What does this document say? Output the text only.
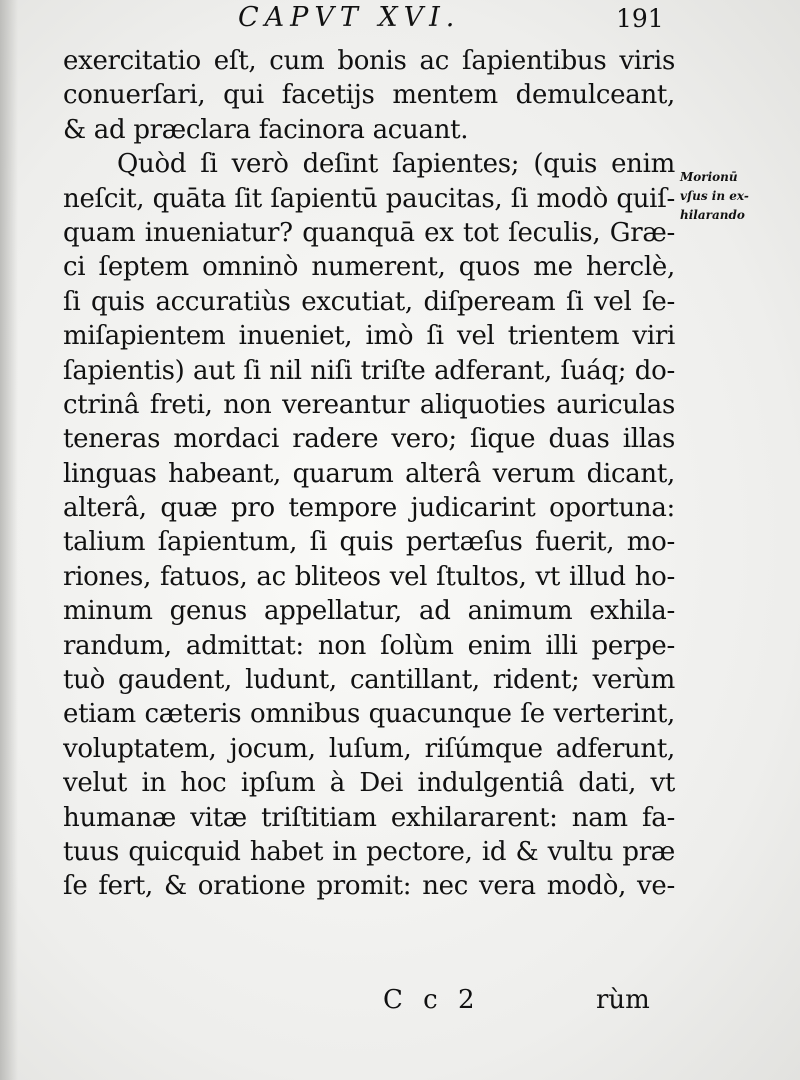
CAPVT XVI.	191
exercitatio eſt, cum bonis ac ſapientibus viris
conuerſari, qui facetijs mentem demulceant,
& ad præclara facinora acuant.
Quòd ſi verò deſint ſapientes; (quis enim
neſcit, quāta ſit ſapientū paucitas, ſi modò quiſ-
quam inueniatur? quanquā ex tot ſeculis, Græ-
ci ſeptem omninò numerent, quos me herclè,
ſi quis accuratiùs excutiat, diſpeream ſi vel ſe-
miſapientem inueniet, imò ſi vel trientem viri
ſapientis) aut ſi nil niſi triſte adferant, ſuáq; do-
ctrinâ freti, non vereantur aliquoties auriculas
teneras mordaci radere vero; ſique duas illas
linguas habeant, quarum alterâ verum dicant,
alterâ, quæ pro tempore judicarint oportuna:
talium ſapientum, ſi quis pertæſus fuerit, mo-
riones, fatuos, ac bliteos vel ſtultos, vt illud ho-
minum genus appellatur, ad animum exhila-
randum, admittat: non ſolùm enim illi perpe-
tuò gaudent, ludunt, cantillant, rident; verùm
etiam cæteris omnibus quacunque ſe verterint,
voluptatem, jocum, luſum, riſúmque adferunt,
velut in hoc ipſum à Dei indulgentiâ dati, vt
humanæ vitæ triſtitiam exhilararent: nam fa-
tuus quicquid habet in pectore, id & vultu præ
ſe fert, & oratione promit: nec vera modò, ve-
Morionū
vſus in ex-
hilarando
C c 2	rùm
